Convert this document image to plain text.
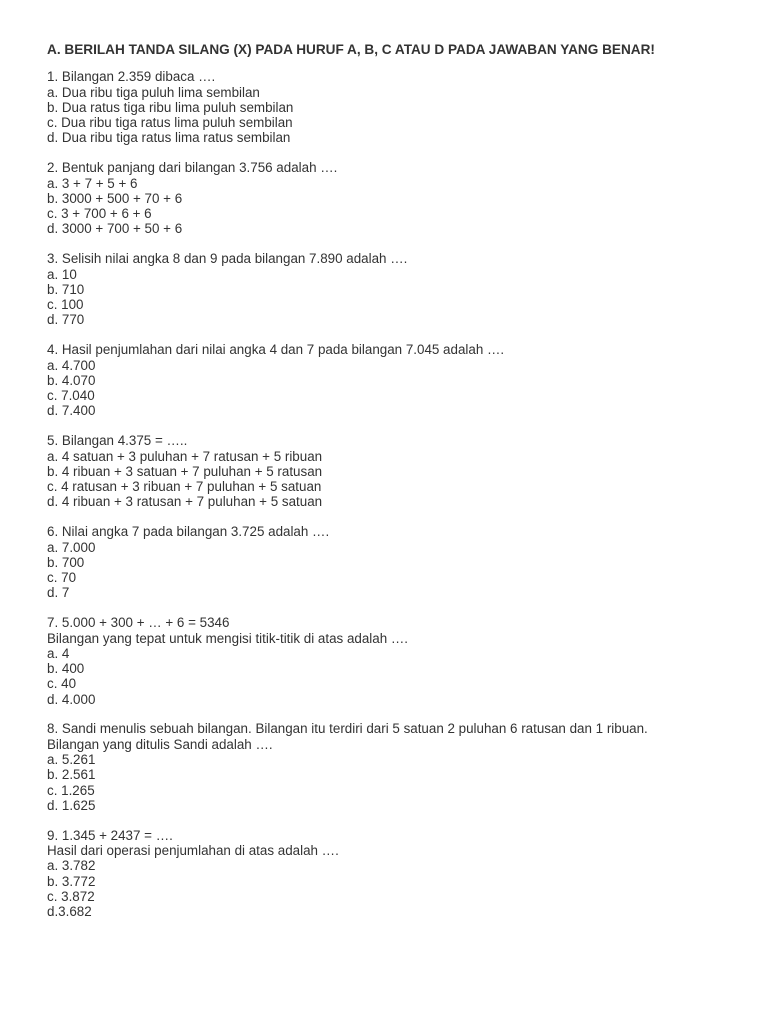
A. BERILAH TANDA SILANG (X) PADA HURUF A, B, C ATAU D PADA JAWABAN YANG BENAR!
1. Bilangan 2.359 dibaca ….
a. Dua ribu tiga puluh lima sembilan
b. Dua ratus tiga ribu lima puluh sembilan
c. Dua ribu tiga ratus lima puluh sembilan
d. Dua ribu tiga ratus lima ratus sembilan
2. Bentuk panjang dari bilangan 3.756 adalah ….
a. 3 + 7 + 5 + 6
b. 3000 + 500 + 70 + 6
c. 3 + 700 + 6 + 6
d. 3000 + 700 + 50 + 6
3. Selisih nilai angka 8 dan 9 pada bilangan 7.890 adalah ….
a. 10
b. 710
c. 100
d. 770
4. Hasil penjumlahan dari nilai angka 4 dan 7 pada bilangan 7.045 adalah ….
a. 4.700
b. 4.070
c. 7.040
d. 7.400
5. Bilangan 4.375 = …..
a. 4 satuan + 3 puluhan + 7 ratusan + 5 ribuan
b. 4 ribuan + 3 satuan + 7 puluhan + 5 ratusan
c. 4 ratusan + 3 ribuan + 7 puluhan + 5 satuan
d. 4 ribuan + 3 ratusan + 7 puluhan + 5 satuan
6. Nilai angka 7 pada bilangan 3.725 adalah ….
a. 7.000
b. 700
c. 70
d. 7
7. 5.000 + 300 + … + 6 = 5346
Bilangan yang tepat untuk mengisi titik-titik di atas adalah ….
a. 4
b. 400
c. 40
d. 4.000
8. Sandi menulis sebuah bilangan. Bilangan itu terdiri dari 5 satuan 2 puluhan 6 ratusan dan 1 ribuan.
Bilangan yang ditulis Sandi adalah ….
a. 5.261
b. 2.561
c. 1.265
d. 1.625
9. 1.345 + 2437 = ….
Hasil dari operasi penjumlahan di atas adalah ….
a. 3.782
b. 3.772
c. 3.872
d.3.682
